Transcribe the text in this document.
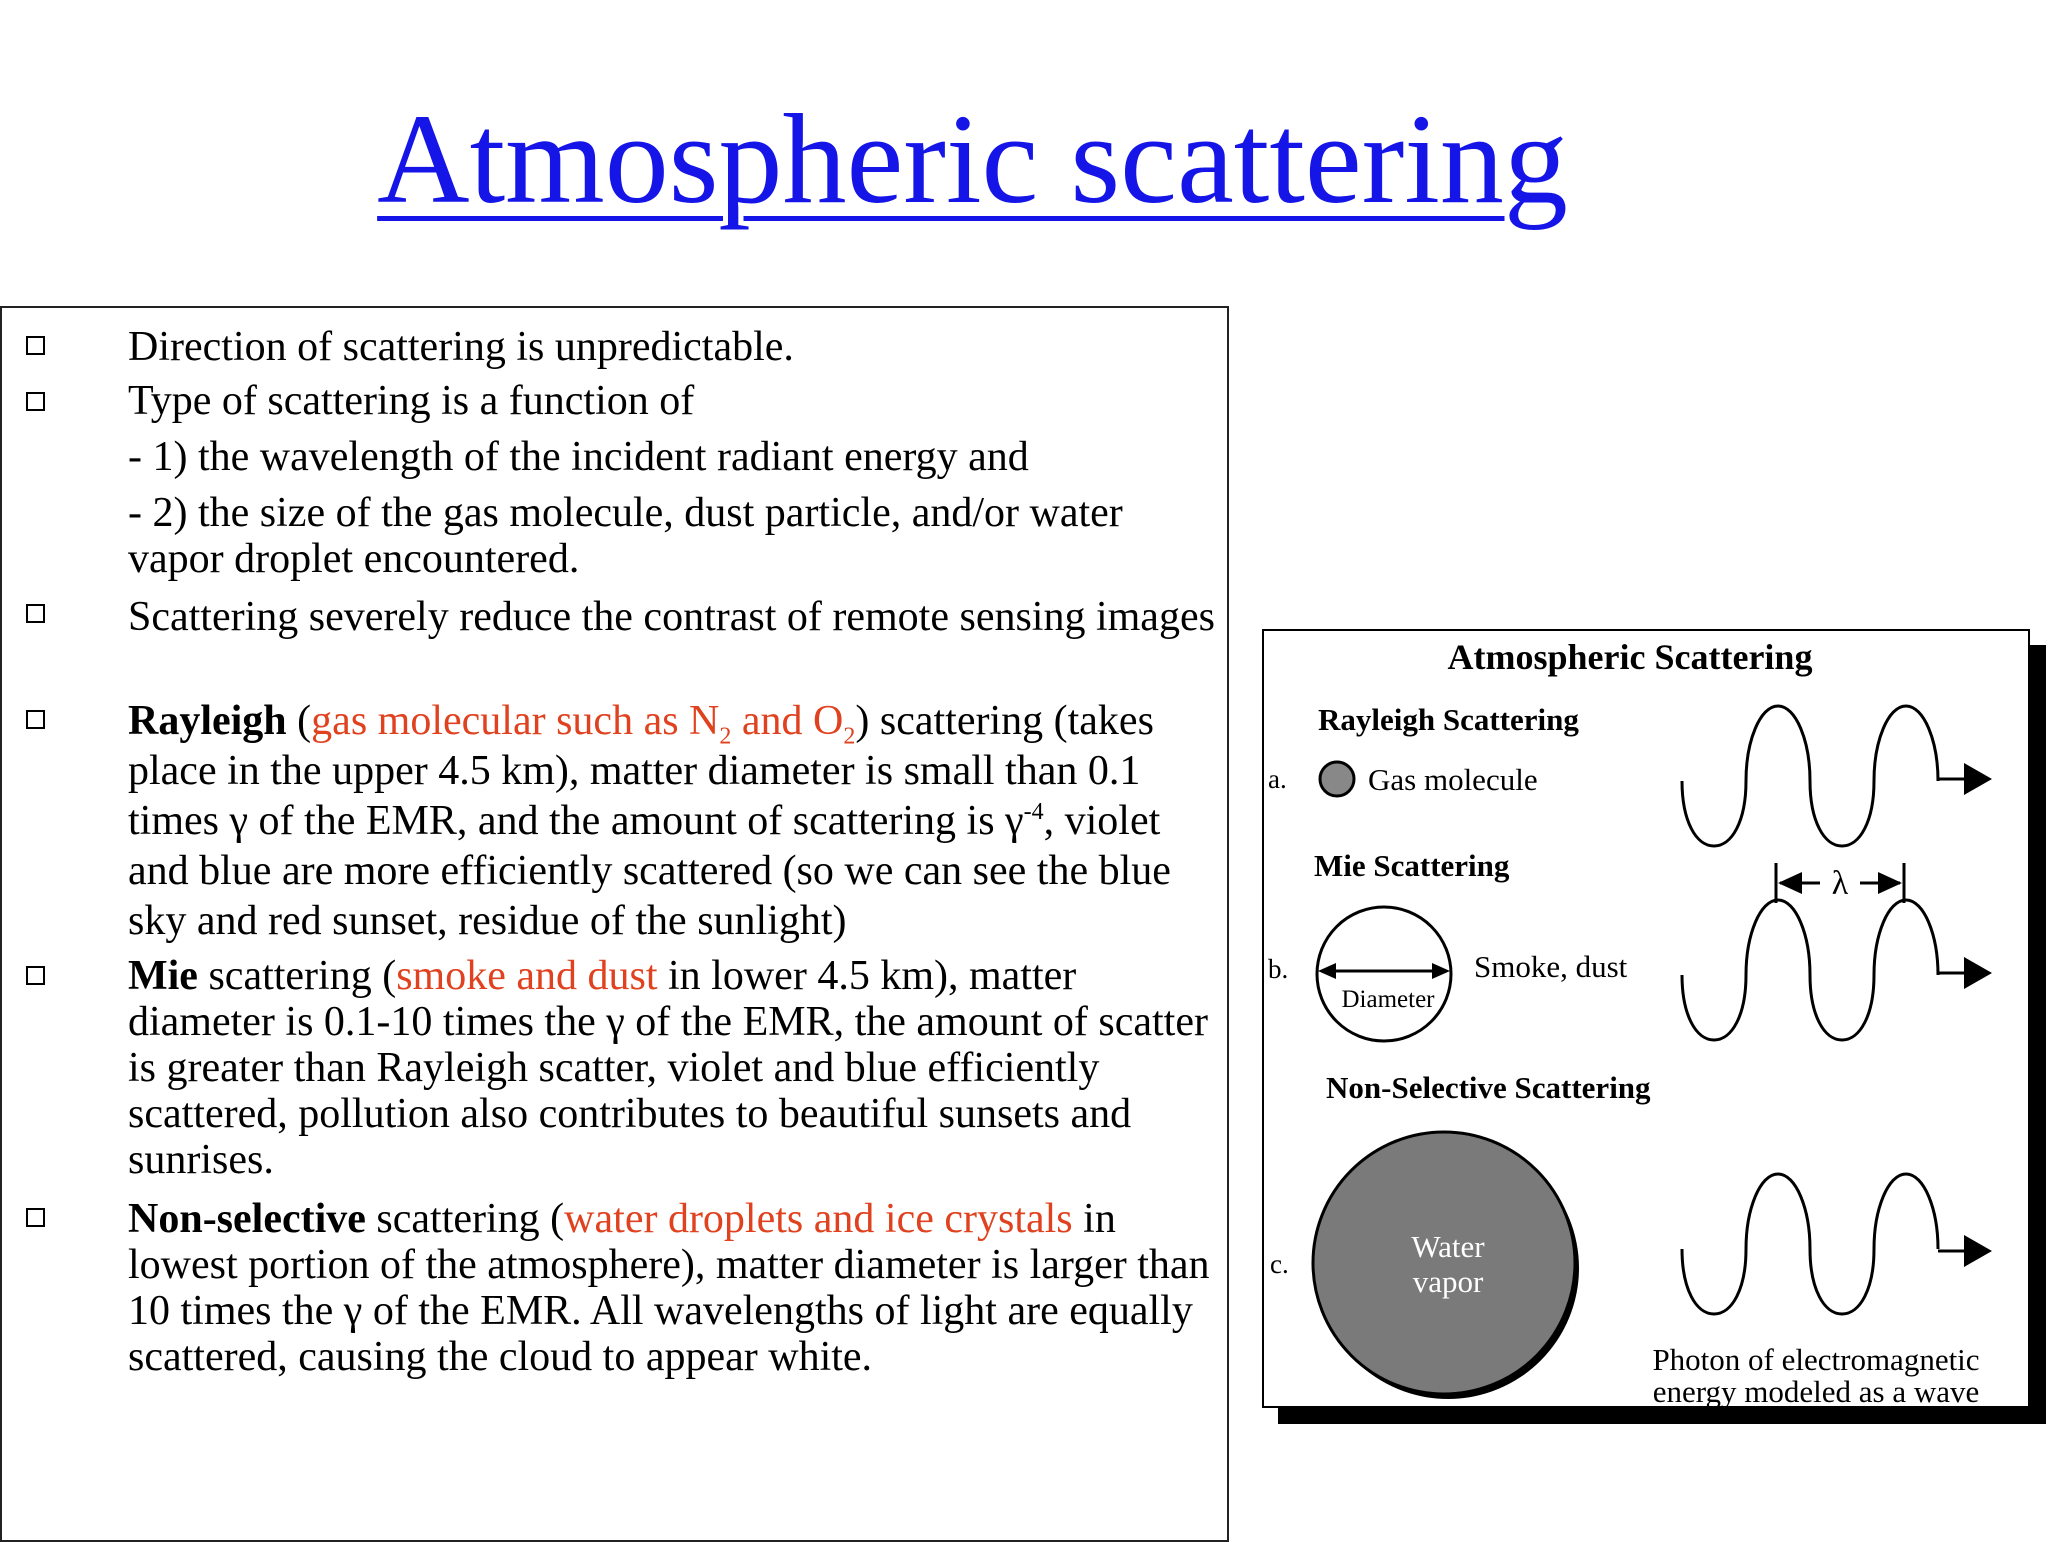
Atmospheric scattering
Direction of scattering is unpredictable.
Type of scattering is a function of
- 1) the wavelength of the incident radiant energy and
- 2) the size of the gas molecule, dust particle, and/or water vapor droplet encountered.
Scattering severely reduce the contrast of remote sensing images
Rayleigh (gas molecular such as $N_2$ and $O_2$) scattering (takes place in the upper 4.5 km), matter diameter is small than 0.1 times γ of the EMR, and the amount of scattering is $\gamma^{-4}$, violet and blue are more efficiently scattered (so we can see the blue sky and red sunset, residue of the sunlight)
Mie scattering (smoke and dust in lower 4.5 km), matter diameter is 0.1-10 times the γ of the EMR, the amount of scatter is greater than Rayleigh scatter, violet and blue efficiently scattered, pollution also contributes to beautiful sunsets and sunrises.
Non-selective scattering (water droplets and ice crystals in lowest portion of the atmosphere), matter diameter is larger than 10 times the γ of the EMR. All wavelengths of light are equally scattered, causing the cloud to appear white.
Atmospheric Scattering
Rayleigh Scattering
a.	Gas molecule
Mie Scattering	λ
b.
Diameter
Smoke, dust
Non-Selective Scattering
c.	Water
vapor
Photon of electromagnetic
energy modeled as a wave
